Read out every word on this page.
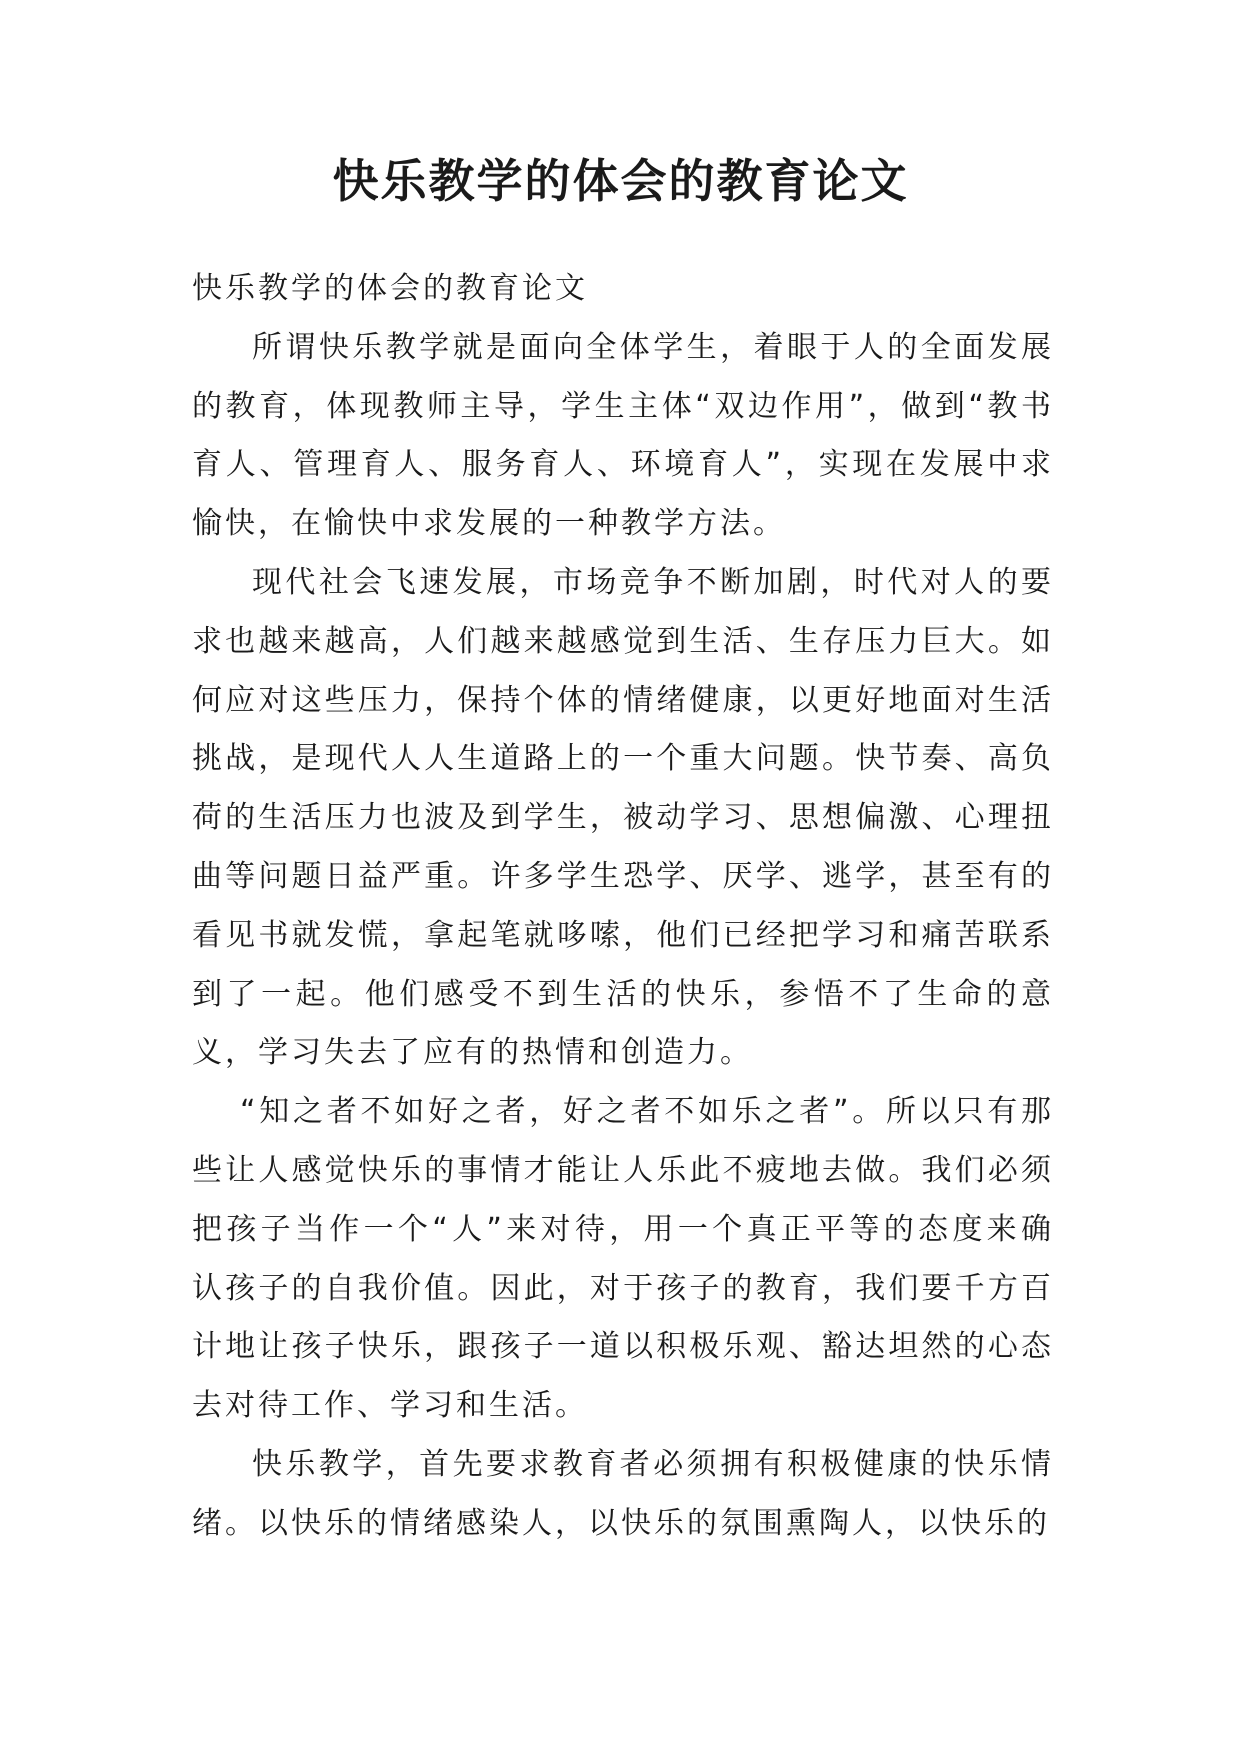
快乐教学的体会的教育论文

快乐教学的体会的教育论文

所谓快乐教学就是面向全体学生，着眼于人的全面发展的教育，体现教师主导，学生主体“双边作用”，做到“教书育人、管理育人、服务育人、环境育人”，实现在发展中求愉快，在愉快中求发展的一种教学方法。

现代社会飞速发展，市场竞争不断加剧，时代对人的要求也越来越高，人们越来越感觉到生活、生存压力巨大。如何应对这些压力，保持个体的情绪健康，以更好地面对生活挑战，是现代人人生道路上的一个重大问题。快节奏、高负荷的生活压力也波及到学生，被动学习、思想偏激、心理扭曲等问题日益严重。许多学生恐学、厌学、逃学，甚至有的看见书就发慌，拿起笔就哆嗦，他们已经把学习和痛苦联系到了一起。他们感受不到生活的快乐，参悟不了生命的意义，学习失去了应有的热情和创造力。

“知之者不如好之者，好之者不如乐之者”。所以只有那些让人感觉快乐的事情才能让人乐此不疲地去做。我们必须把孩子当作一个“人”来对待，用一个真正平等的态度来确认孩子的自我价值。因此，对于孩子的教育，我们要千方百计地让孩子快乐，跟孩子一道以积极乐观、豁达坦然的心态去对待工作、学习和生活。

快乐教学，首先要求教育者必须拥有积极健康的快乐情绪。以快乐的情绪感染人，以快乐的氛围熏陶人，以快乐的
